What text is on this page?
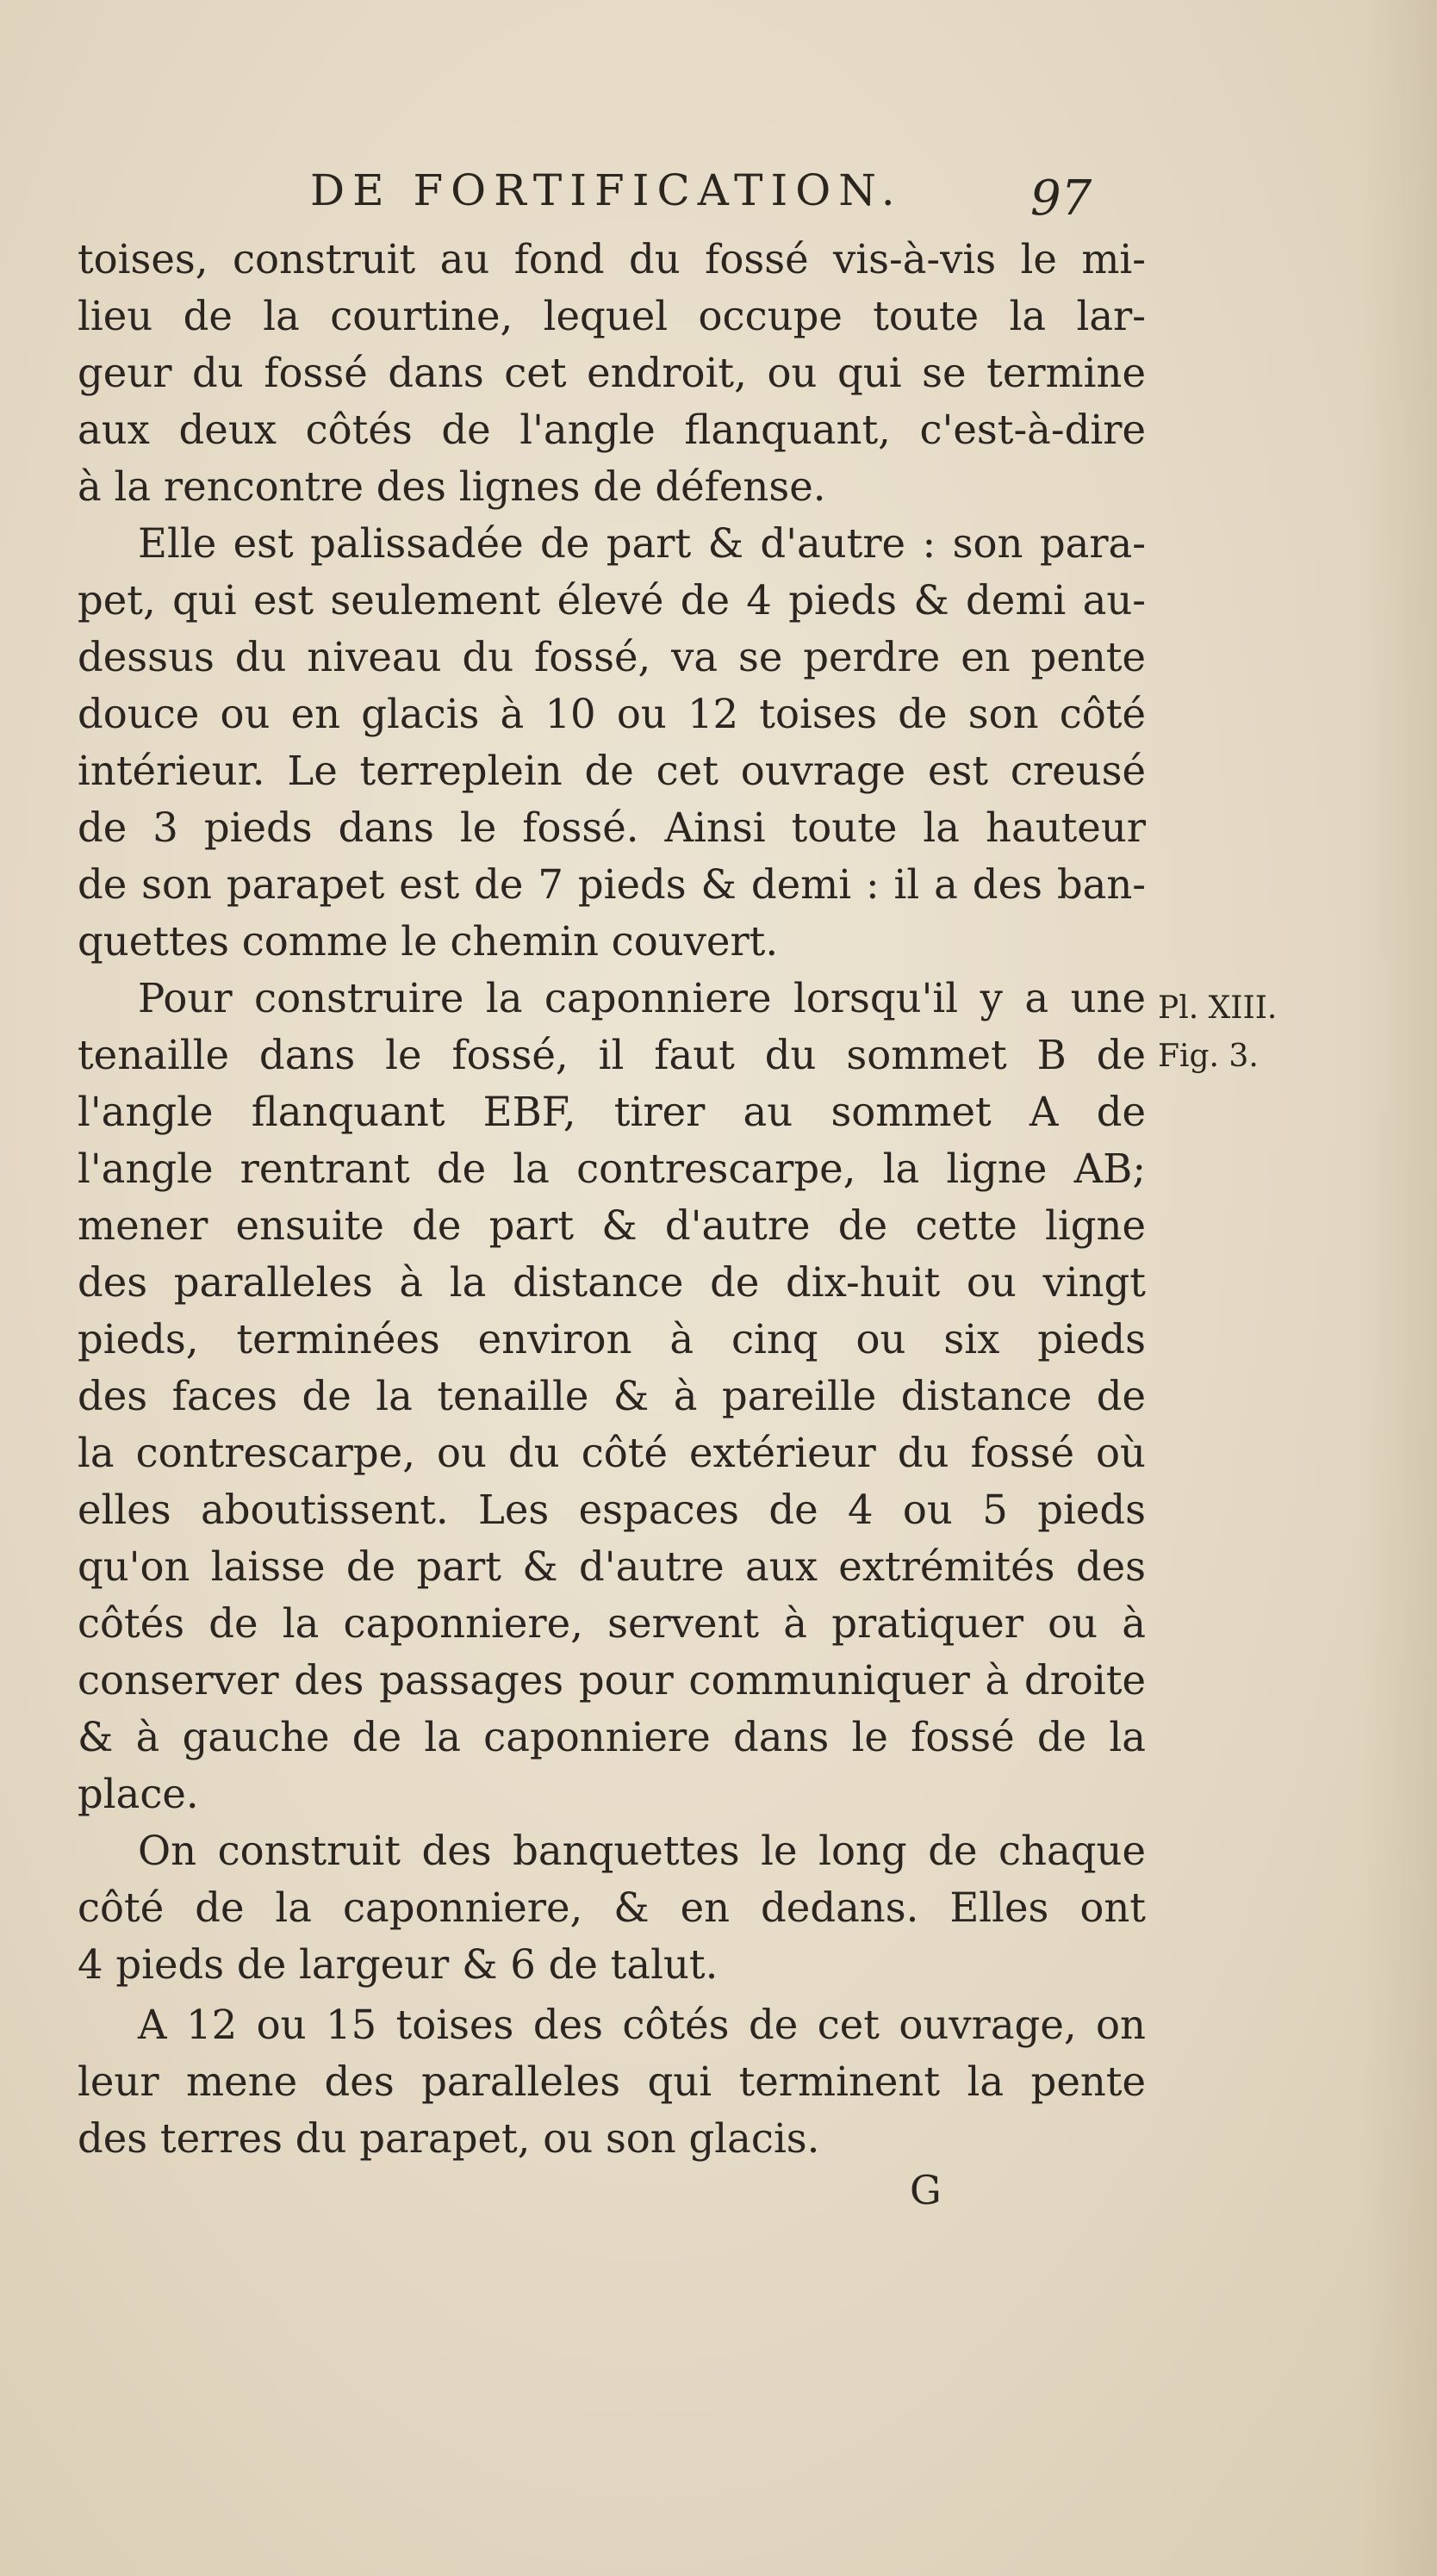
DE FORTIFICATION.	97
toises, construit au fond du fossé vis-à-vis le mi-
lieu de la courtine, lequel occupe toute la lar-
geur du fossé dans cet endroit, ou qui se termine
aux deux côtés de l'angle flanquant, c'est-à-dire
à la rencontre des lignes de défense.
Elle est palissadée de part & d'autre : son para-
pet, qui est seulement élevé de 4 pieds & demi au-
dessus du niveau du fossé, va se perdre en pente
douce ou en glacis à 10 ou 12 toises de son côté
intérieur. Le terreplein de cet ouvrage est creusé
de 3 pieds dans le fossé. Ainsi toute la hauteur
de son parapet est de 7 pieds & demi : il a des ban-
quettes comme le chemin couvert.
Pour construire la caponniere lorsqu'il y a une
tenaille dans le fossé, il faut du sommet B de
l'angle flanquant EBF, tirer au sommet A de
l'angle rentrant de la contrescarpe, la ligne AB;
mener ensuite de part & d'autre de cette ligne
des paralleles à la distance de dix-huit ou vingt
pieds, terminées environ à cinq ou six pieds
des faces de la tenaille & à pareille distance de
la contrescarpe, ou du côté extérieur du fossé où
elles aboutissent. Les espaces de 4 ou 5 pieds
qu'on laisse de part & d'autre aux extrémités des
côtés de la caponniere, servent à pratiquer ou à
conserver des passages pour communiquer à droite
& à gauche de la caponniere dans le fossé de la
place.
On construit des banquettes le long de chaque
côté de la caponniere, & en dedans. Elles ont
4 pieds de largeur & 6 de talut.
A 12 ou 15 toises des côtés de cet ouvrage, on
leur mene des paralleles qui terminent la pente
des terres du parapet, ou son glacis.
Pl. XIII.
Fig. 3.
G
